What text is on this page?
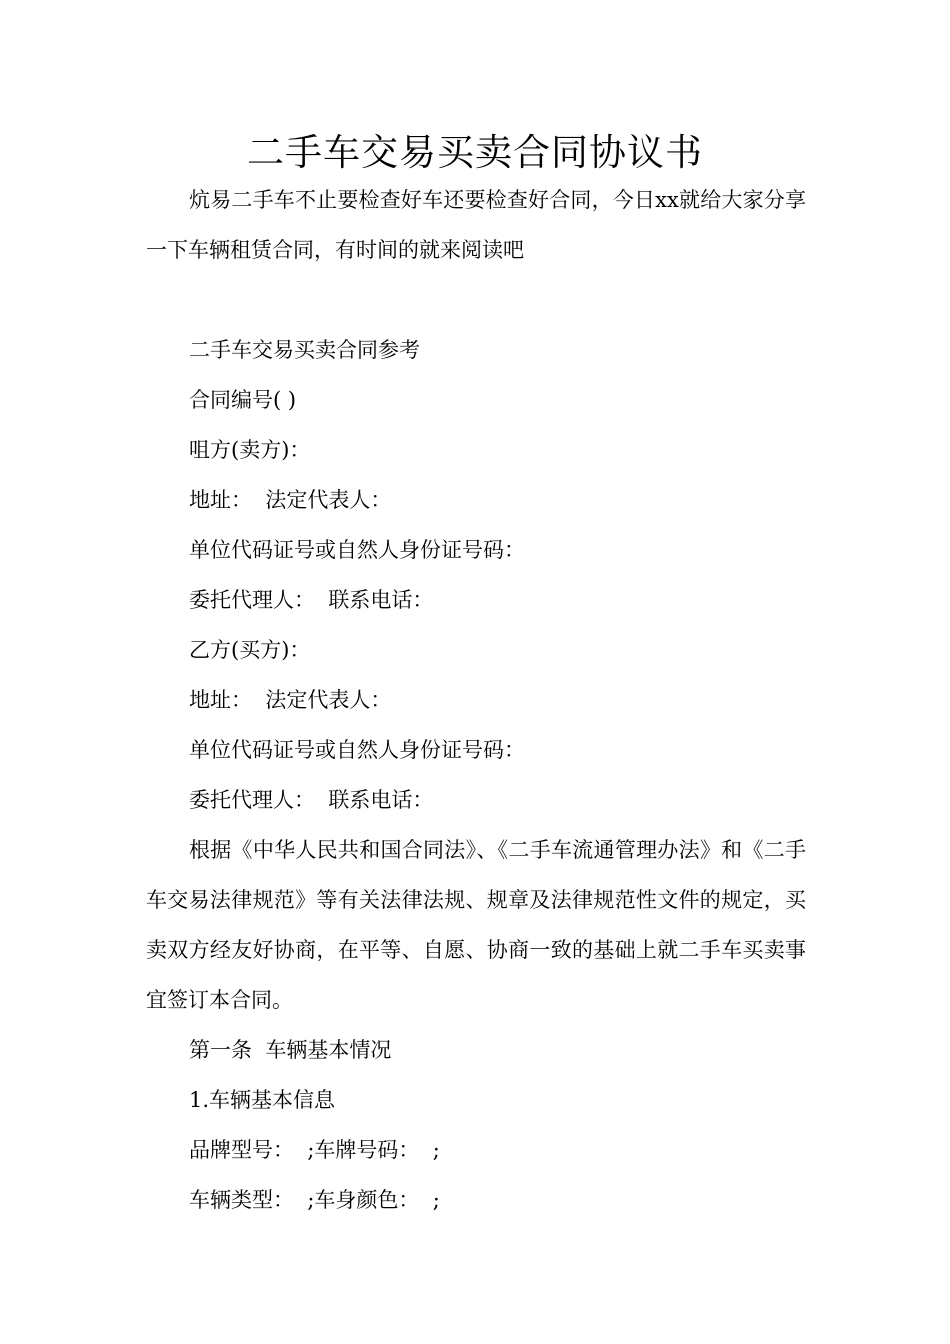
二手车交易买卖合同协议书

炕易二手车不止要检查好车还要检查好合同，今日xx就给大家分享一下车辆租赁合同，有时间的就来阅读吧

二手车交易买卖合同参考

合同编号( )

咀方(卖方)：

地址：  法定代表人：

单位代码证号或自然人身份证号码：

委托代理人：  联系电话：

乙方(买方)：

地址：  法定代表人：

单位代码证号或自然人身份证号码：

委托代理人：  联系电话：

根据《中华人民共和国合同法》、《二手车流通管理办法》和《二手车交易法律规范》等有关法律法规、规章及法律规范性文件的规定，买卖双方经友好协商，在平等、自愿、协商一致的基础上就二手车买卖事宜签订本合同。

第一条  车辆基本情况

1.车辆基本信息

品牌型号：  ;车牌号码：  ;

车辆类型：  ;车身颜色：  ;
